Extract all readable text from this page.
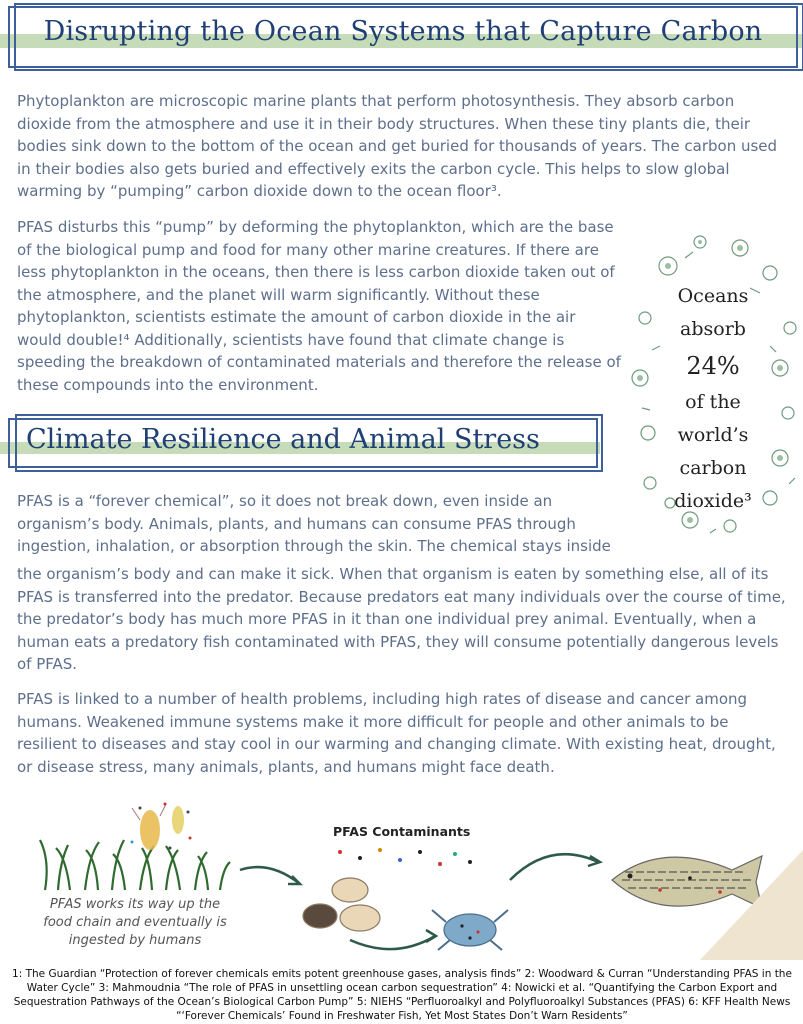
Disrupting the Ocean Systems that Capture Carbon

Phytoplankton are microscopic marine plants that perform photosynthesis. They absorb carbon dioxide from the atmosphere and use it in their body structures. When these tiny plants die, their bodies sink down to the bottom of the ocean and get buried for thousands of years. The carbon used in their bodies also gets buried and effectively exits the carbon cycle. This helps to slow global warming by “pumping” carbon dioxide down to the ocean floor³.

PFAS disturbs this “pump” by deforming the phytoplankton, which are the base of the biological pump and food for many other marine creatures. If there are less phytoplankton in the oceans, then there is less carbon dioxide taken out of the atmosphere, and the planet will warm significantly. Without these phytoplankton, scientists estimate the amount of carbon dioxide in the air would double!⁴ Additionally, scientists have found that climate change is speeding the breakdown of contaminated materials and therefore the release of these compounds into the environment.

Oceans
absorb
24%
of the
world’s
carbon
dioxide³
Climate Resilience and Animal Stress

PFAS is a “forever chemical”, so it does not break down, even inside an organism’s body. Animals, plants, and humans can consume PFAS through ingestion, inhalation, or absorption through the skin. The chemical stays inside

the organism’s body and can make it sick. When that organism is eaten by something else, all of its PFAS is transferred into the predator. Because predators eat many individuals over the course of time, the predator’s body has much more PFAS in it than one individual prey animal. Eventually, when a human eats a predatory fish contaminated with PFAS, they will consume potentially dangerous levels of PFAS.

PFAS is linked to a number of health problems, including high rates of disease and cancer among humans. Weakened immune systems make it more difficult for people and other animals to be resilient to diseases and stay cool in our warming and changing climate. With existing heat, drought, or disease stress, many animals, plants, and humans might face death.

PFAS Contaminants
PFAS works its way up the food chain and eventually is ingested by humans
1: The Guardian “Protection of forever chemicals emits potent greenhouse gases, analysis finds” 2: Woodward & Curran “Understanding PFAS in the Water Cycle” 3: Mahmoudnia “The role of PFAS in unsettling ocean carbon sequestration” 4: Nowicki et al. “Quantifying the Carbon Export and Sequestration Pathways of the Ocean’s Biological Carbon Pump” 5: NIEHS “Perfluoroalkyl and Polyfluoroalkyl Substances (PFAS) 6: KFF Health News “‘Forever Chemicals’ Found in Freshwater Fish, Yet Most States Don’t Warn Residents”
